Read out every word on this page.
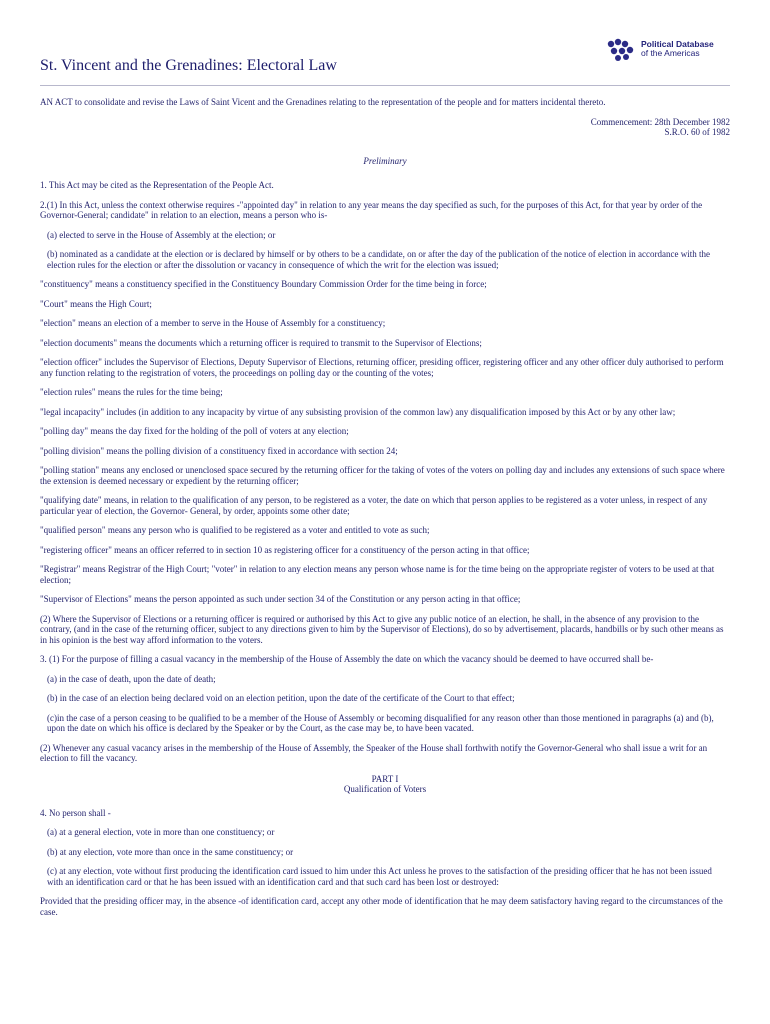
Political Database
of the Americas
St. Vincent and the Grenadines: Electoral Law

AN ACT to consolidate and revise the Laws of Saint Vicent and the Grenadines relating to the representation of the people and for matters incidental thereto.

Commencement: 28th December 1982
S.R.O. 60 of 1982
Preliminary

1. This Act may be cited as the Representation of the People Act.

2.(1) In this Act, unless the context otherwise requires -"appointed day" in relation to any year means the day specified as such, for the purposes of this Act, for that year by order of the Governor-General; candidate" in relation to an election, means a person who is-

(a) elected to serve in the House of Assembly at the election; or

(b) nominated as a candidate at the election or is declared by himself or by others to be a candidate, on or after the day of the publication of the notice of election in accordance with the election rules for the election or after the dissolution or vacancy in consequence of which the writ for the election was issued;

"constituency" means a constituency specified in the Constituency Boundary Commission Order for the time being in force;

"Court" means the High Court;

"election" means an election of a member to serve in the House of Assembly for a constituency;

"election documents" means the documents which a returning officer is required to transmit to the Supervisor of Elections;

"election officer" includes the Supervisor of Elections, Deputy Supervisor of Elections, returning officer, presiding officer, registering officer and any other officer duly authorised to perform any function relating to the registration of voters, the proceedings on polling day or the counting of the votes;

"election rules" means the rules for the time being;

"legal incapacity" includes (in addition to any incapacity by virtue of any subsisting provision of the common law) any disqualification imposed by this Act or by any other law;

"polling day" means the day fixed for the holding of the poll of voters at any election;

"polling division" means the polling division of a constituency fixed in accordance with section 24;

"polling station" means any enclosed or unenclosed space secured by the returning officer for the taking of votes of the voters on polling day and includes any extensions of such space where the extension is deemed necessary or expedient by the returning officer;

"qualifying date" means, in relation to the qualification of any person, to be registered as a voter, the date on which that person applies to be registered as a voter unless, in respect of any particular year of election, the Governor- General, by order, appoints some other date;

"qualified person" means any person who is qualified to be registered as a voter and entitled to vote as such;

"registering officer" means an officer referred to in section 10 as registering officer for a constituency of the person acting in that office;

"Registrar" means Registrar of the High Court; "voter" in relation to any election means any person whose name is for the time being on the appropriate register of voters to be used at that election;

"Supervisor of Elections" means the person appointed as such under section 34 of the Constitution or any person acting in that office;

(2) Where the Supervisor of Elections or a returning officer is required or authorised by this Act to give any public notice of an election, he shall, in the absence of any provision to the contrary, (and in the case of the returning officer, subject to any directions given to him by the Supervisor of Elections), do so by advertisement, placards, handbills or by such other means as in his opinion is the best way afford information to the voters.

3. (1) For the purpose of filling a casual vacancy in the membership of the House of Assembly the date on which the vacancy should be deemed to have occurred shall be-

(a) in the case of death, upon the date of death;

(b) in the case of an election being declared void on an election petition, upon the date of the certificate of the Court to that effect;

(c)in the case of a person ceasing to be qualified to be a member of the House of Assembly or becoming disqualified for any reason other than those mentioned in paragraphs (a) and (b), upon the date on which his office is declared by the Speaker or by the Court, as the case may be, to have been vacated.

(2) Whenever any casual vacancy arises in the membership of the House of Assembly, the Speaker of the House shall forthwith notify the Governor-General who shall issue a writ for an election to fill the vacancy.

PART I
Qualification of Voters

4. No person shall -

(a) at a general election, vote in more than one constituency; or

(b) at any election, vote more than once in the same constituency; or

(c) at any election, vote without first producing the identification card issued to him under this Act unless he proves to the satisfaction of the presiding officer that he has not been issued with an identification card or that he has been issued with an identification card and that such card has been lost or destroyed:

Provided that the presiding officer may, in the absence -of identification card, accept any other mode of identification that he may deem satisfactory having regard to the circumstances of the case.
